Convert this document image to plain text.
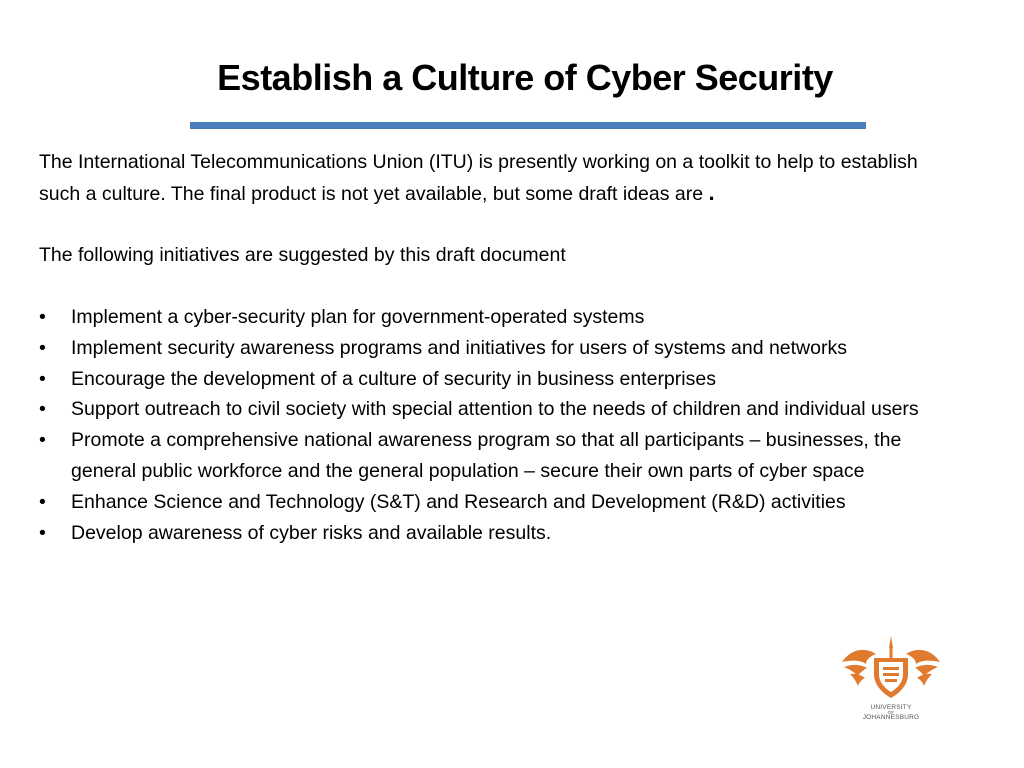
Establish a Culture of Cyber Security

The International Telecommunications Union (ITU) is presently working on a toolkit to help to establish such a culture. The final product is not yet available, but some draft ideas are .

The following initiatives are suggested by this draft document

•	Implement a cyber-security plan for government-operated systems
•	Implement security awareness programs and initiatives for users of systems and networks
•	Encourage the development of a culture of security in business enterprises
•	Support outreach to civil society with special attention to the needs of children and individual users
•	Promote a comprehensive national awareness program so that all participants – businesses, the general public workforce and the general population – secure their own parts of cyber space
•	Enhance Science and Technology (S&T) and Research and Development (R&D) activities
•	Develop awareness of cyber risks and available results.
UNIVERSITY
OF
JOHANNESBURG
